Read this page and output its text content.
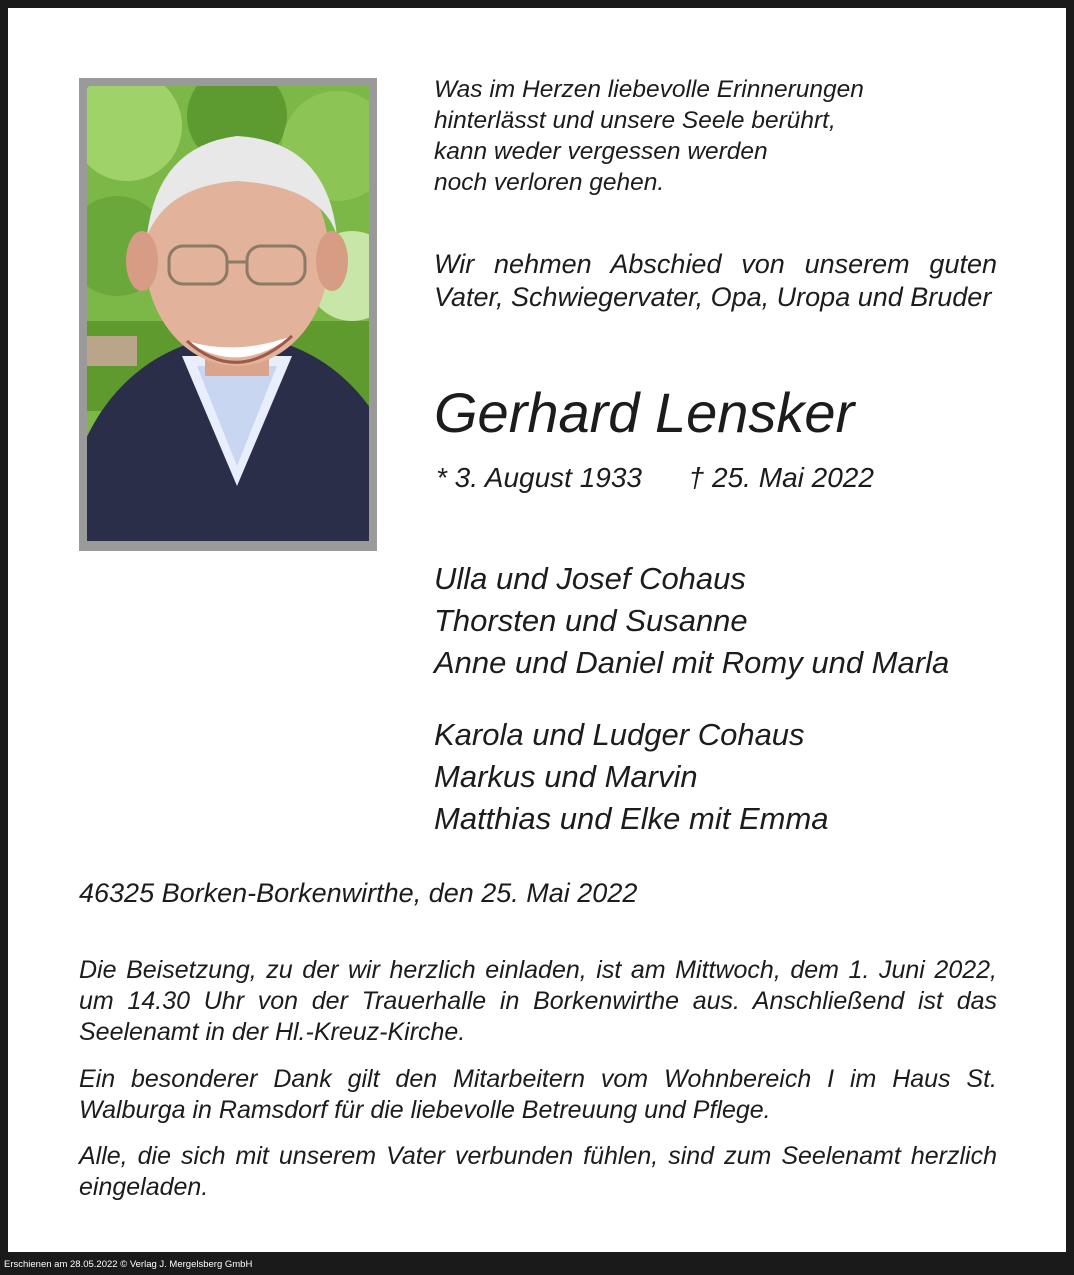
Was im Herzen liebevolle Erinnerungen
hinterlässt und unsere Seele berührt,
kann weder vergessen werden
noch verloren gehen.

Wir nehmen Abschied von unserem guten Vater, Schwiegervater, Opa, Uropa und Bruder

Gerhard Lensker

* 3. August 1933      † 25. Mai 2022

Ulla und Josef Cohaus
Thorsten und Susanne
Anne und Daniel mit Romy und Marla

Karola und Ludger Cohaus
Markus und Marvin
Matthias und Elke mit Emma

46325 Borken-Borkenwirthe, den 25. Mai 2022

Die Beisetzung, zu der wir herzlich einladen, ist am Mittwoch, dem 1. Juni 2022, um 14.30 Uhr von der Trauerhalle in Borkenwirthe aus. Anschließend ist das Seelenamt in der Hl.-Kreuz-Kirche.

Ein besonderer Dank gilt den Mitarbeitern vom Wohnbereich I im Haus St. Walburga in Ramsdorf für die liebevolle Betreuung und Pflege.

Alle, die sich mit unserem Vater verbunden fühlen, sind zum Seelenamt herzlich eingeladen.

Erschienen am 28.05.2022 © Verlag J. Mergelsberg GmbH
